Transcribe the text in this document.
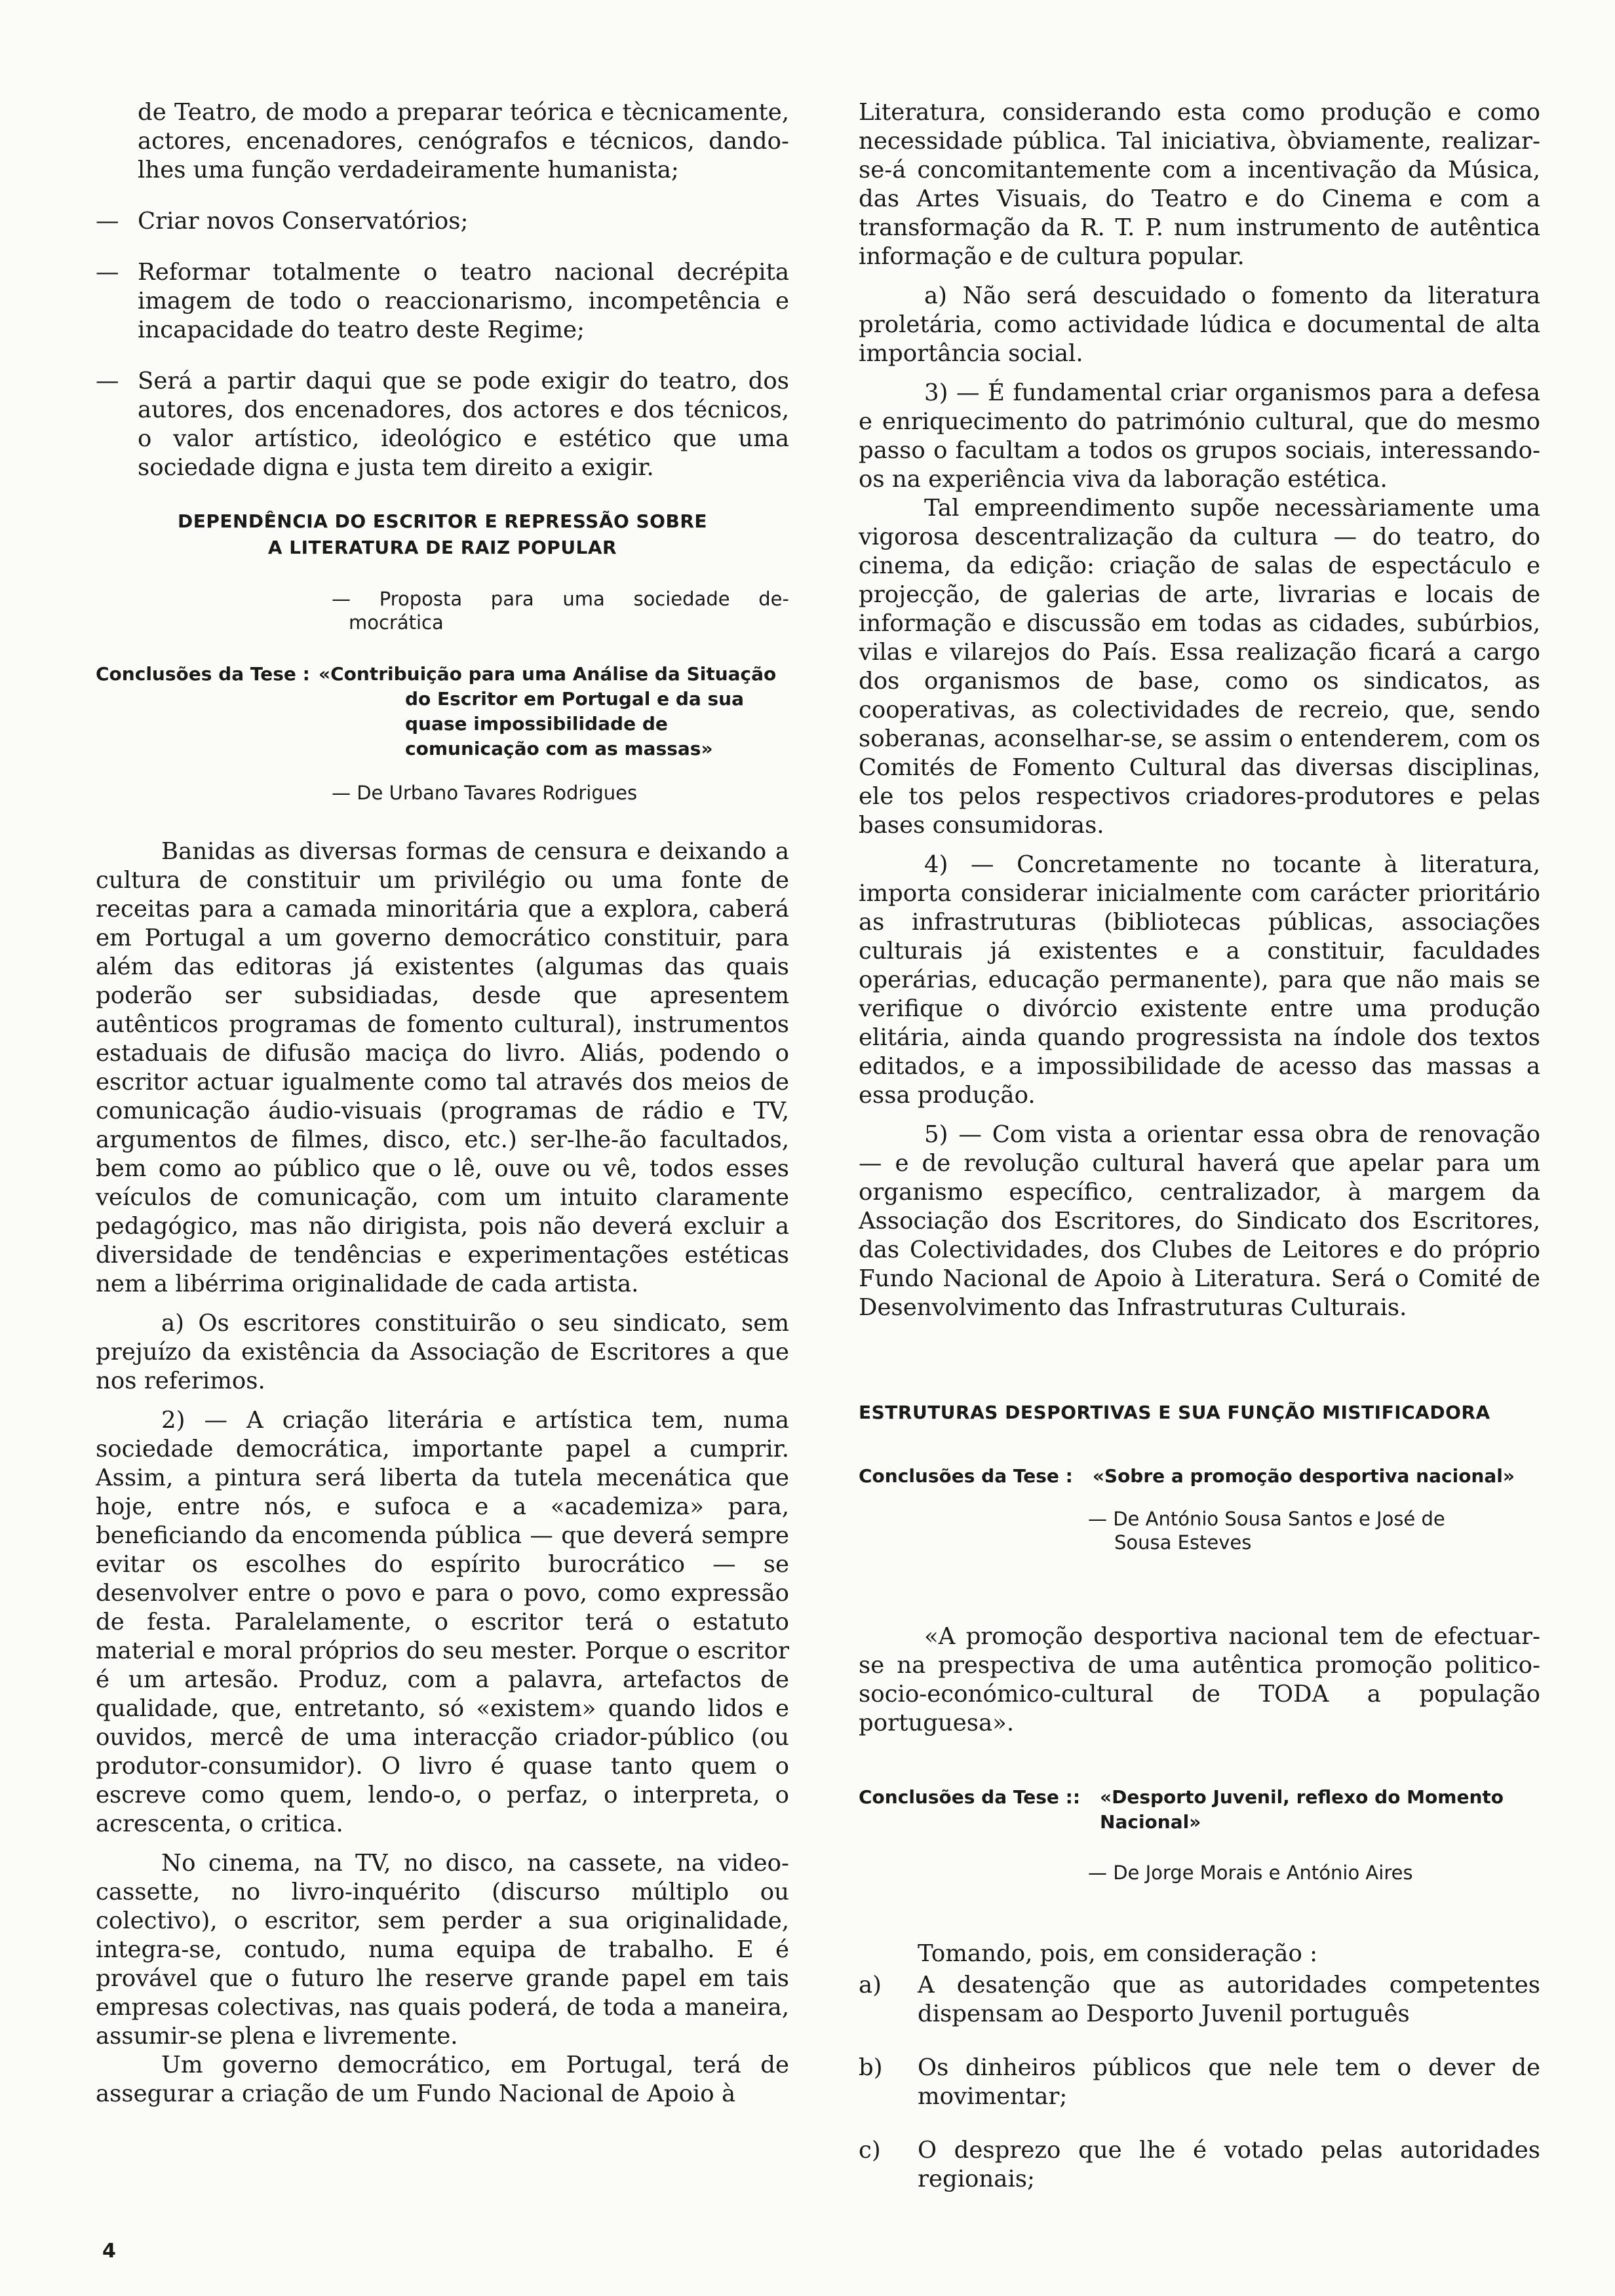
de Teatro, de modo a preparar teórica e tècnicamente, actores, encenadores, cenógrafos e técnicos, dando-lhes uma função verdadeiramente humanista;

— Criar novos Conservatórios;
— Reformar totalmente o teatro nacional decrépita imagem de todo o reaccionarismo, incompetência e incapacidade do teatro deste Regime;
— Será a partir daqui que se pode exigir do teatro, dos autores, dos encenadores, dos actores e dos técnicos, o valor artístico, ideológico e estético que uma sociedade digna e justa tem direito a exigir.
DEPENDÊNCIA DO ESCRITOR E REPRESSÃO SOBRE
A LITERATURA DE RAIZ POPULAR
— Proposta para uma sociedade de-
mocrática
Conclusões da Tese : «Contribuição para uma Análise da Situação do Escritor em Portugal e da sua quase impossibilidade de comunicação com as massas»
— De Urbano Tavares Rodrigues

Banidas as diversas formas de censura e deixando a cultura de constituir um privilégio ou uma fonte de receitas para a camada minoritária que a explora, caberá em Portugal a um governo democrático constituir, para além das editoras já existentes (algumas das quais poderão ser subsidiadas, desde que apresentem autênticos programas de fomento cultural), instrumentos estaduais de difusão maciça do livro. Aliás, podendo o escritor actuar igualmente como tal através dos meios de comunicação áudio-visuais (programas de rádio e TV, argumentos de filmes, disco, etc.) ser-lhe-ão facultados, bem como ao público que o lê, ouve ou vê, todos esses veículos de comunicação, com um intuito claramente pedagógico, mas não dirigista, pois não deverá excluir a diversidade de tendências e experimentações estéticas nem a libérrima originalidade de cada artista.

a) Os escritores constituirão o seu sindicato, sem prejuízo da existência da Associação de Escritores a que nos referimos.

2) — A criação literária e artística tem, numa sociedade democrática, importante papel a cumprir. Assim, a pintura será liberta da tutela mecenática que hoje, entre nós, e sufoca e a «academiza» para, beneficiando da encomenda pública — que deverá sempre evitar os escolhes do espírito burocrático — se desenvolver entre o povo e para o povo, como expressão de festa. Paralelamente, o escritor terá o estatuto material e moral próprios do seu mester. Porque o escritor é um artesão. Produz, com a palavra, artefactos de qualidade, que, entretanto, só «existem» quando lidos e ouvidos, mercê de uma interacção criador-público (ou produtor-consumidor). O livro é quase tanto quem o escreve como quem, lendo-o, o perfaz, o interpreta, o acrescenta, o critica.

No cinema, na TV, no disco, na cassete, na video-cassette, no livro-inquérito (discurso múltiplo ou colectivo), o escritor, sem perder a sua originalidade, integra-se, contudo, numa equipa de trabalho. E é provável que o futuro lhe reserve grande papel em tais empresas colectivas, nas quais poderá, de toda a maneira, assumir-se plena e livremente.

Um governo democrático, em Portugal, terá de assegurar a criação de um Fundo Nacional de Apoio à

Literatura, considerando esta como produção e como necessidade pública. Tal iniciativa, òbviamente, realizar-se-á concomitantemente com a incentivação da Música, das Artes Visuais, do Teatro e do Cinema e com a transformação da R. T. P. num instrumento de autêntica informação e de cultura popular.

a) Não será descuidado o fomento da literatura proletária, como actividade lúdica e documental de alta importância social.

3) — É fundamental criar organismos para a defesa e enriquecimento do património cultural, que do mesmo passo o facultam a todos os grupos sociais, interessando-os na experiência viva da laboração estética.

Tal empreendimento supõe necessàriamente uma vigorosa descentralização da cultura — do teatro, do cinema, da edição: criação de salas de espectáculo e projecção, de galerias de arte, livrarias e locais de informação e discussão em todas as cidades, subúrbios, vilas e vilarejos do País. Essa realização ficará a cargo dos organismos de base, como os sindicatos, as cooperativas, as colectividades de recreio, que, sendo soberanas, aconselhar-se, se assim o entenderem, com os Comités de Fomento Cultural das diversas disciplinas, ele tos pelos respectivos criadores-produtores e pelas bases consumidoras.

4) — Concretamente no tocante à literatura, importa considerar inicialmente com carácter prioritário as infrastruturas (bibliotecas públicas, associações culturais já existentes e a constituir, faculdades operárias, educação permanente), para que não mais se verifique o divórcio existente entre uma produção elitária, ainda quando progressista na índole dos textos editados, e a impossibilidade de acesso das massas a essa produção.

5) — Com vista a orientar essa obra de renovação — e de revolução cultural haverá que apelar para um organismo específico, centralizador, à margem da Associação dos Escritores, do Sindicato dos Escritores, das Colectividades, dos Clubes de Leitores e do próprio Fundo Nacional de Apoio à Literatura. Será o Comité de Desenvolvimento das Infrastruturas Culturais.

ESTRUTURAS DESPORTIVAS E SUA FUNÇÃO MISTIFICADORA
Conclusões da Tese : «Sobre a promoção desportiva nacional»
— De António Sousa Santos e José de
Sousa Esteves

«A promoção desportiva nacional tem de efectuar-se na prespectiva de uma autêntica promoção politico-socio-económico-cultural de TODA a população portuguesa».

Conclusões da Tese :: «Desporto Juvenil, reflexo do Momento Nacional»
— De Jorge Morais e António Aires

Tomando, pois, em consideração :

a)	A desatenção que as autoridades competentes dispensam ao Desporto Juvenil português
b)	Os dinheiros públicos que nele tem o dever de movimentar;
c)	O desprezo que lhe é votado pelas autoridades regionais;
4
